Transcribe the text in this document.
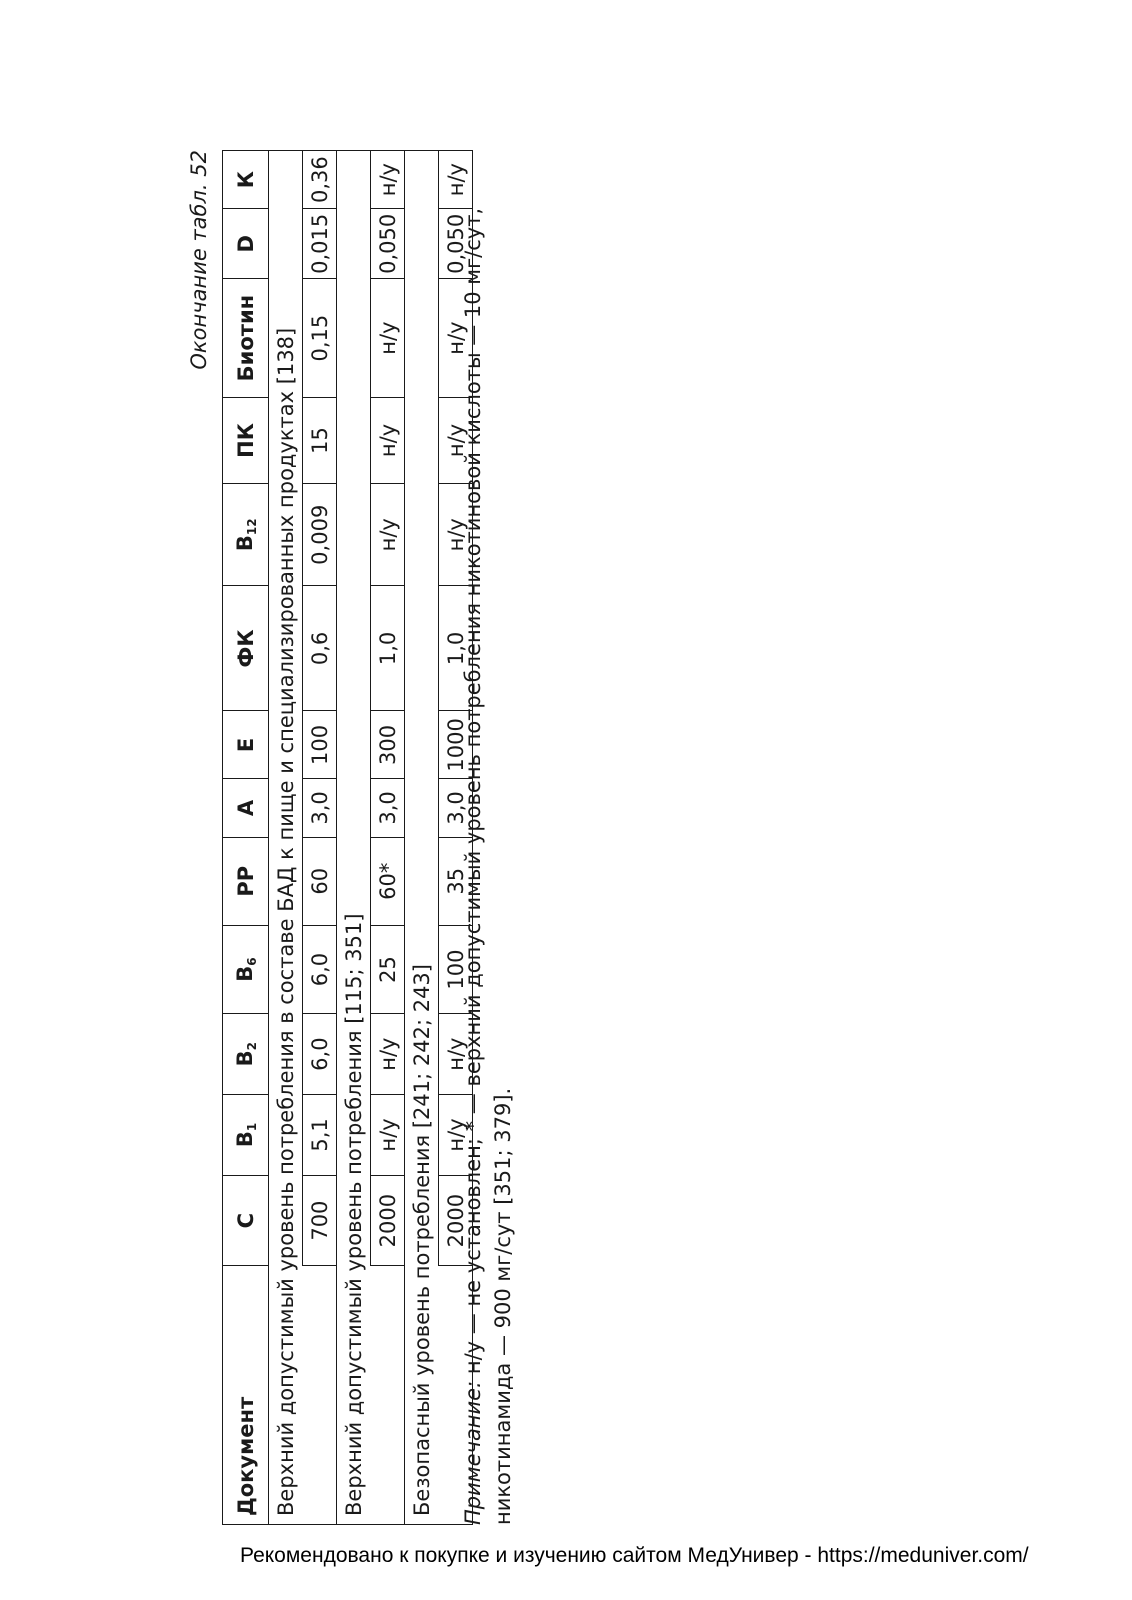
Окончание табл. 52
Документ	С	$В_1$	$В_2$	$В_6$	РР	А	Е	ФК	$В_{12}$	ПК	Биотин	D	К
Верхний допустимый уровень потребления в составе БАД к пище и специализированных продуктах [138]													
	700	5,1	6,0	6,0	60	3,0	100	0,6	0,009	15	0,15	0,015	0,36
Верхний допустимый уровень потребления [115; 351]													
	2000	н/у	н/у	25	60*	3,0	300	1,0	н/у	н/у	н/у	0,050	н/у
Безопасный уровень потребления [241; 242; 243]													
	2000	н/у	н/у	100	35	3,0	1000	1,0	н/у	н/у	н/у	0,050	н/у
Примечание: н/у — не установлен; * — верхний допустимый уровень потребления никотиновой кислоты — 10 мг/сут, никотинамида — 900 мг/сут [351; 379].
Рекомендовано к покупке и изучению сайтом МедУнивер - https://meduniver.com/
